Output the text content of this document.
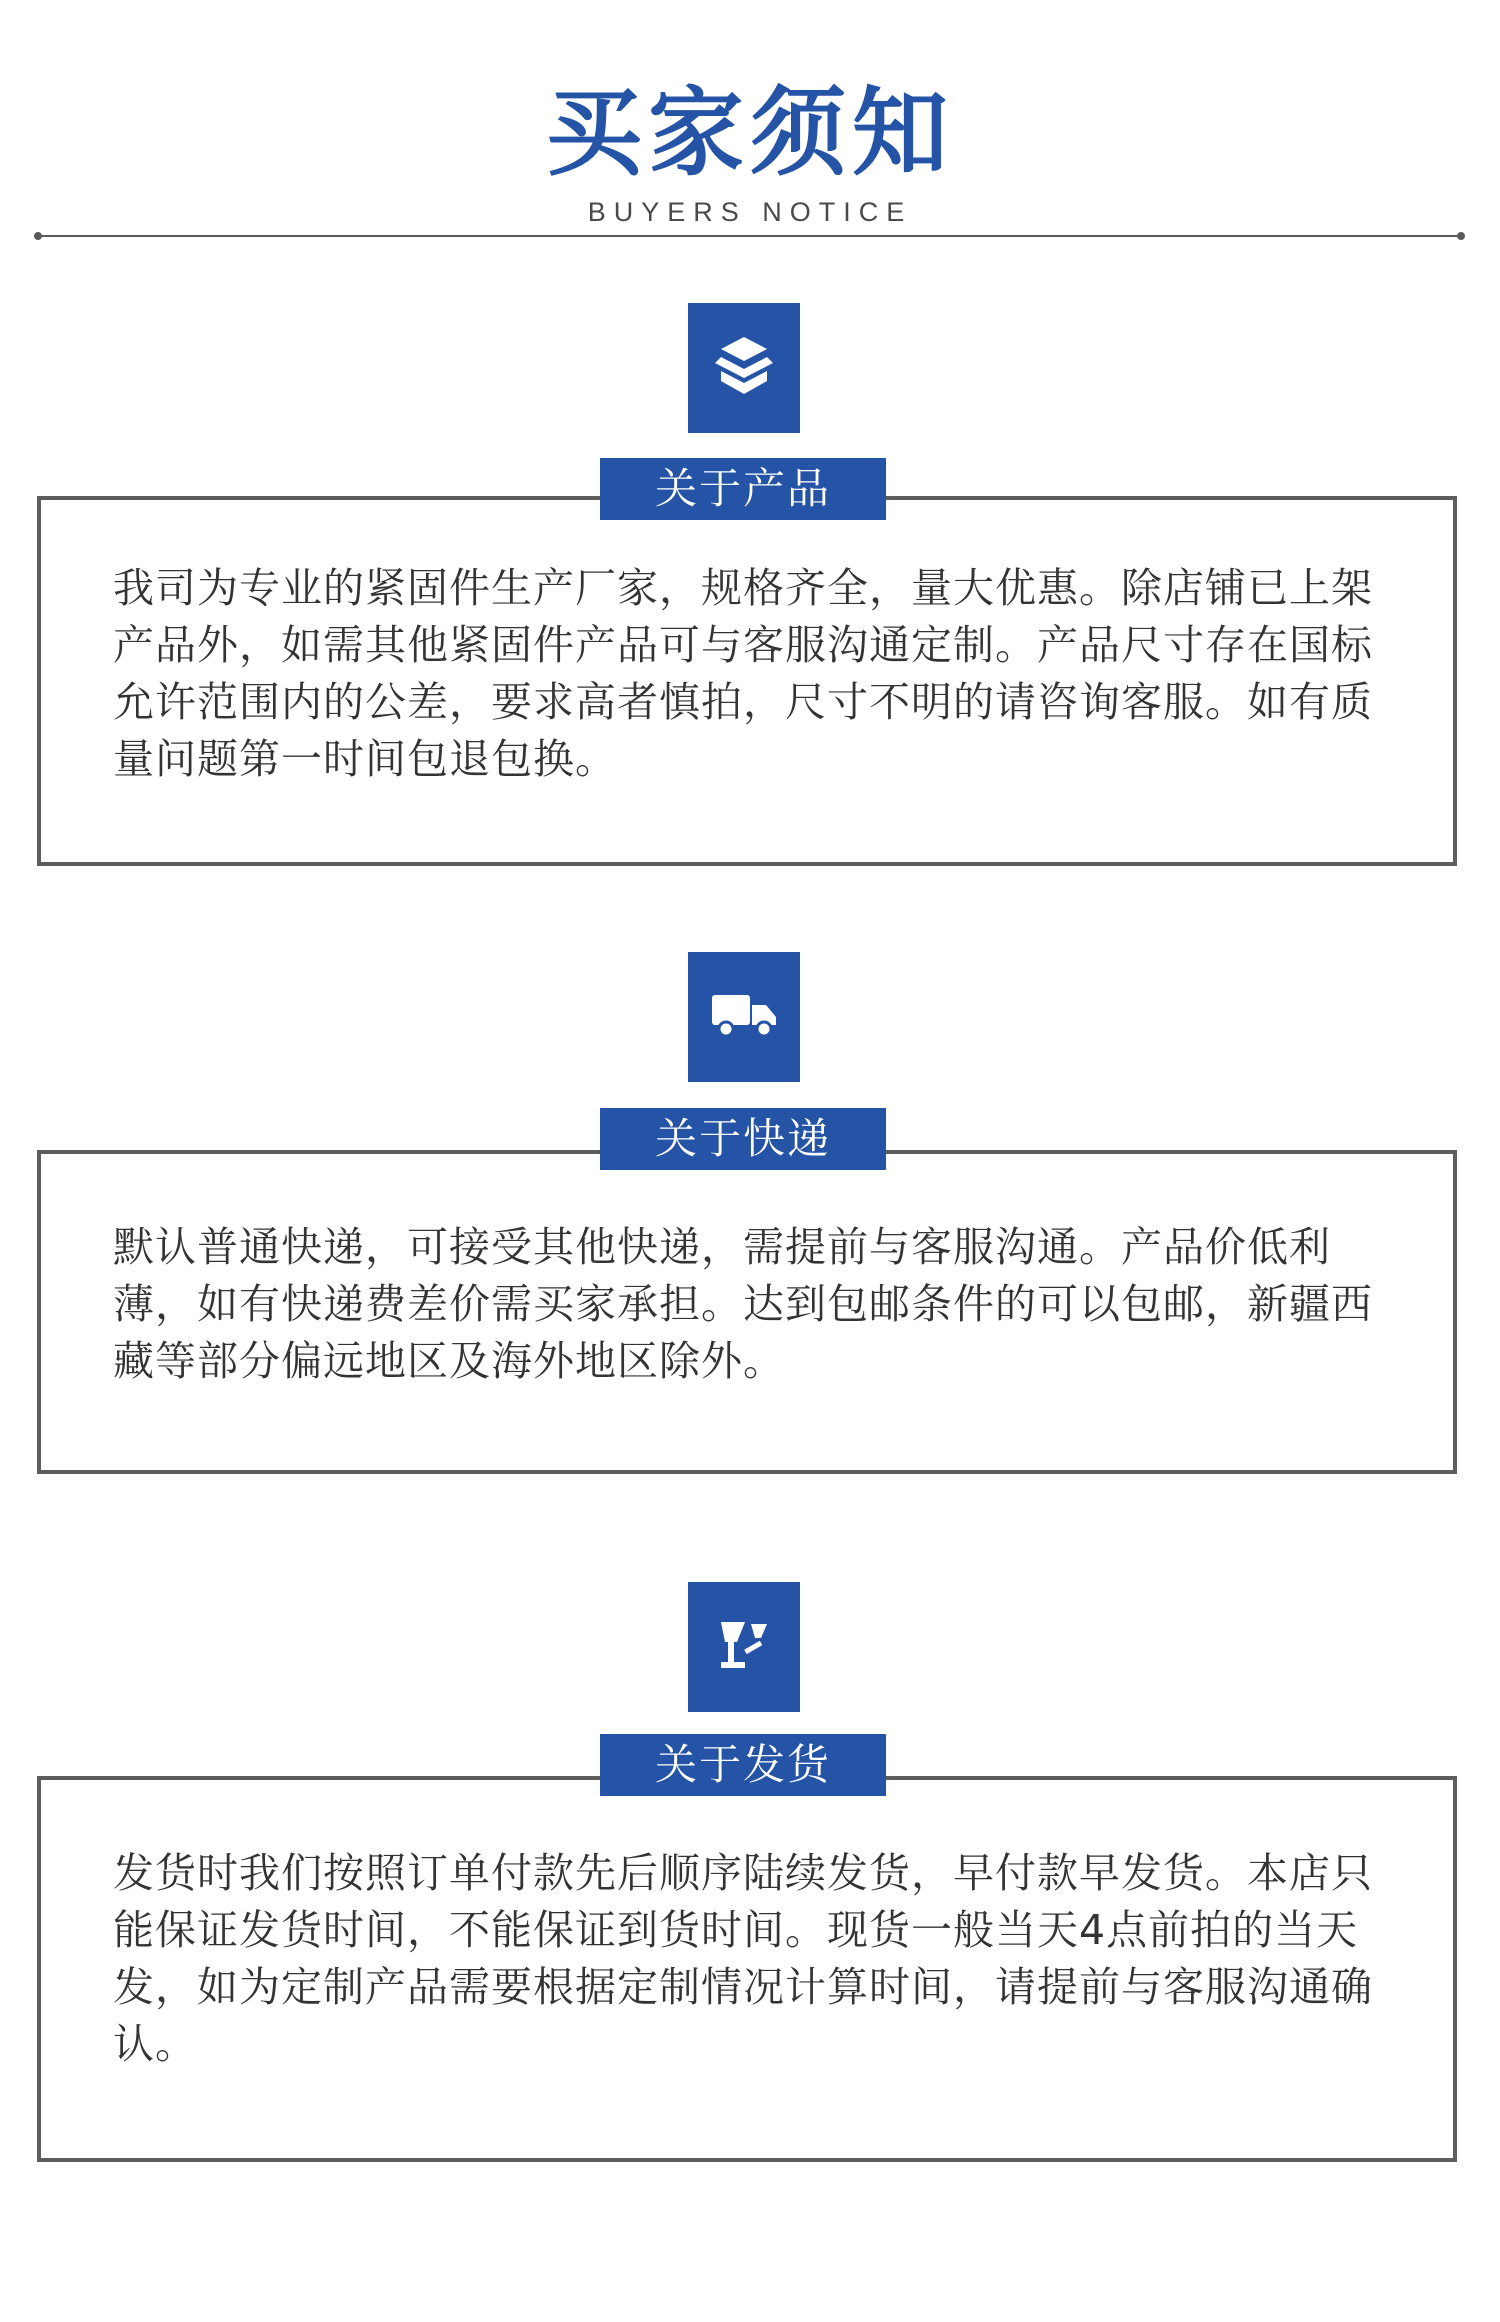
买家须知
BUYERS NOTICE
我司为专业的紧固件生产厂家，规格齐全，量大优惠。除店铺已上架产品外，如需其他紧固件产品可与客服沟通定制。产品尺寸存在国标允许范围内的公差，要求高者慎拍，尺寸不明的请咨询客服。如有质量问题第一时间包退包换。
关于产品
默认普通快递，可接受其他快递，需提前与客服沟通。产品价低利薄，如有快递费差价需买家承担。达到包邮条件的可以包邮，新疆西藏等部分偏远地区及海外地区除外。
关于快递
发货时我们按照订单付款先后顺序陆续发货，早付款早发货。本店只能保证发货时间，不能保证到货时间。现货一般当天4点前拍的当天发，如为定制产品需要根据定制情况计算时间，请提前与客服沟通确认。
关于发货
